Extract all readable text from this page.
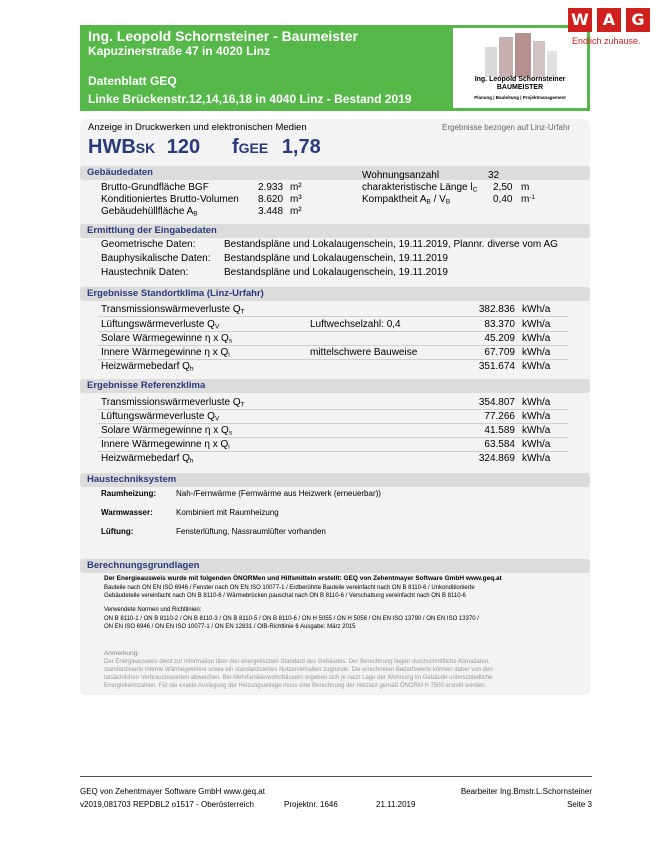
Ing. Leopold Schornsteiner - Baumeister
Kapuzinerstraße 47 in 4020 Linz
Datenblatt GEQ
Linke Brückenstr.12,14,16,18 in 4040 Linz - Bestand 2019
Ing. Leopold Schornsteiner
BAUMEISTER
Planung | Bauleitung | Projektmanagement
W A	G
Endlich zuhause.
Anzeige in Druckwerken und elektronischen Medien	Ergebnisse bezogen auf Linz-Urfahr
HWBSK 120 fGEE 1,78
Gebäudedaten
Brutto-Grundfläche BGF	2.933 m²
Konditioniertes Brutto-Volumen 8.620 m³
Gebäudehüllfläche $A_B$	3.448 m²
Wohnungsanzahl	32
charakteristische Länge $l_C$ 2,50 m
Kompaktheit $A_B / V_B$	0,40 $m^{-1}$
Ermittlung der Eingabedaten
Geometrische Daten:	Bestandspläne und Lokalaugenschein, 19.11.2019, Plannr. diverse vom AG
Bauphysikalische Daten: Bestandspläne und Lokalaugenschein, 19.11.2019
Haustechnik Daten:	Bestandspläne und Lokalaugenschein, 19.11.2019
Ergebnisse Standortklima (Linz-Urfahr)
Transmissionswärmeverluste $Q_T$	382.836 kWh/a
Lüftungswärmeverluste $Q_V$	Luftwechselzahl: 0,4	83.370 kWh/a
Solare Wärmegewinne η x $Q_s$	45.209 kWh/a
Innere Wärmegewinne η x $Q_i$	mittelschwere Bauweise	67.709 kWh/a
Heizwärmebedarf $Q_h$	351.674 kWh/a
Ergebnisse Referenzklima
Transmissionswärmeverluste $Q_T$	354.807 kWh/a
Lüftungswärmeverluste $Q_V$	77.266 kWh/a
Solare Wärmegewinne η x $Q_s$	41.589 kWh/a
Innere Wärmegewinne η x $Q_i$	63.584 kWh/a
Heizwärmebedarf $Q_h$	324.869 kWh/a
Haustechniksystem
Raumheizung: Nah-/Fernwärme (Fernwärme aus Heizwerk (erneuerbar))
Warmwasser:	Kombiniert mit Raumheizung
Lüftung:	Fensterlüftung, Nassraumlüfter vorhanden
Berechnungsgrundlagen
Der Energieausweis wurde mit folgenden ÖNORMen und Hilfsmitteln erstellt: GEQ von Zehentmayer Software GmbH www.geq.at
Bauteile nach ON EN ISO 6946 / Fenster nach ON EN ISO 10077-1 / Erdberührte Bauteile vereinfacht nach ON B 8110-6 / Unkonditionierte
Gebäudeteile vereinfacht nach ON B 8110-6 / Wärmebrücken pauschal nach ON B 8110-6 / Verschattung vereinfacht nach ON B 8110-6
Verwendete Normen und Richtlinien:
ON B 8110-1 / ON B 8110-2 / ON B 8110-3 / ON B 8110-5 / ON B 8110-6 / ON H 5055 / ON H 5056 / ON EN ISO 13790 / ON EN ISO 13370 /
ON EN ISO 6946 / ON EN ISO 10077-1 / ON EN 12831 / OIB-Richtlinie 6 Ausgabe: März 2015
Anmerkung:
Der Energieausweis dient zur Information über den energetischen Standard des Gebäudes. Der Berechnung liegen durchschnittliche Klimadaten,
standardisierte interne Wärmegewinne sowie ein standardisiertes Nutzerverhalten zugrunde. Die errechneten Bedarfswerte können daher von den
tatsächlichen Verbrauchswerten abweichen. Bei Mehrfamilienwohnhäusern ergeben sich je nach Lage der Wohnung im Gebäude unterschiedliche
Energiekennzahlen. Für die exakte Auslegung der Heizungsanlage muss eine Berechnung der Heizlast gemäß ÖNORM H 7500 erstellt werden.
GEQ von Zehentmayer Software GmbH www.geq.at
v2019,081703 REPDBL2 o1517 - Oberösterreich	Projektnr. 1646	21.11.2019
Bearbeiter Ing.Bmstr.L.Schornsteiner
Seite 3
